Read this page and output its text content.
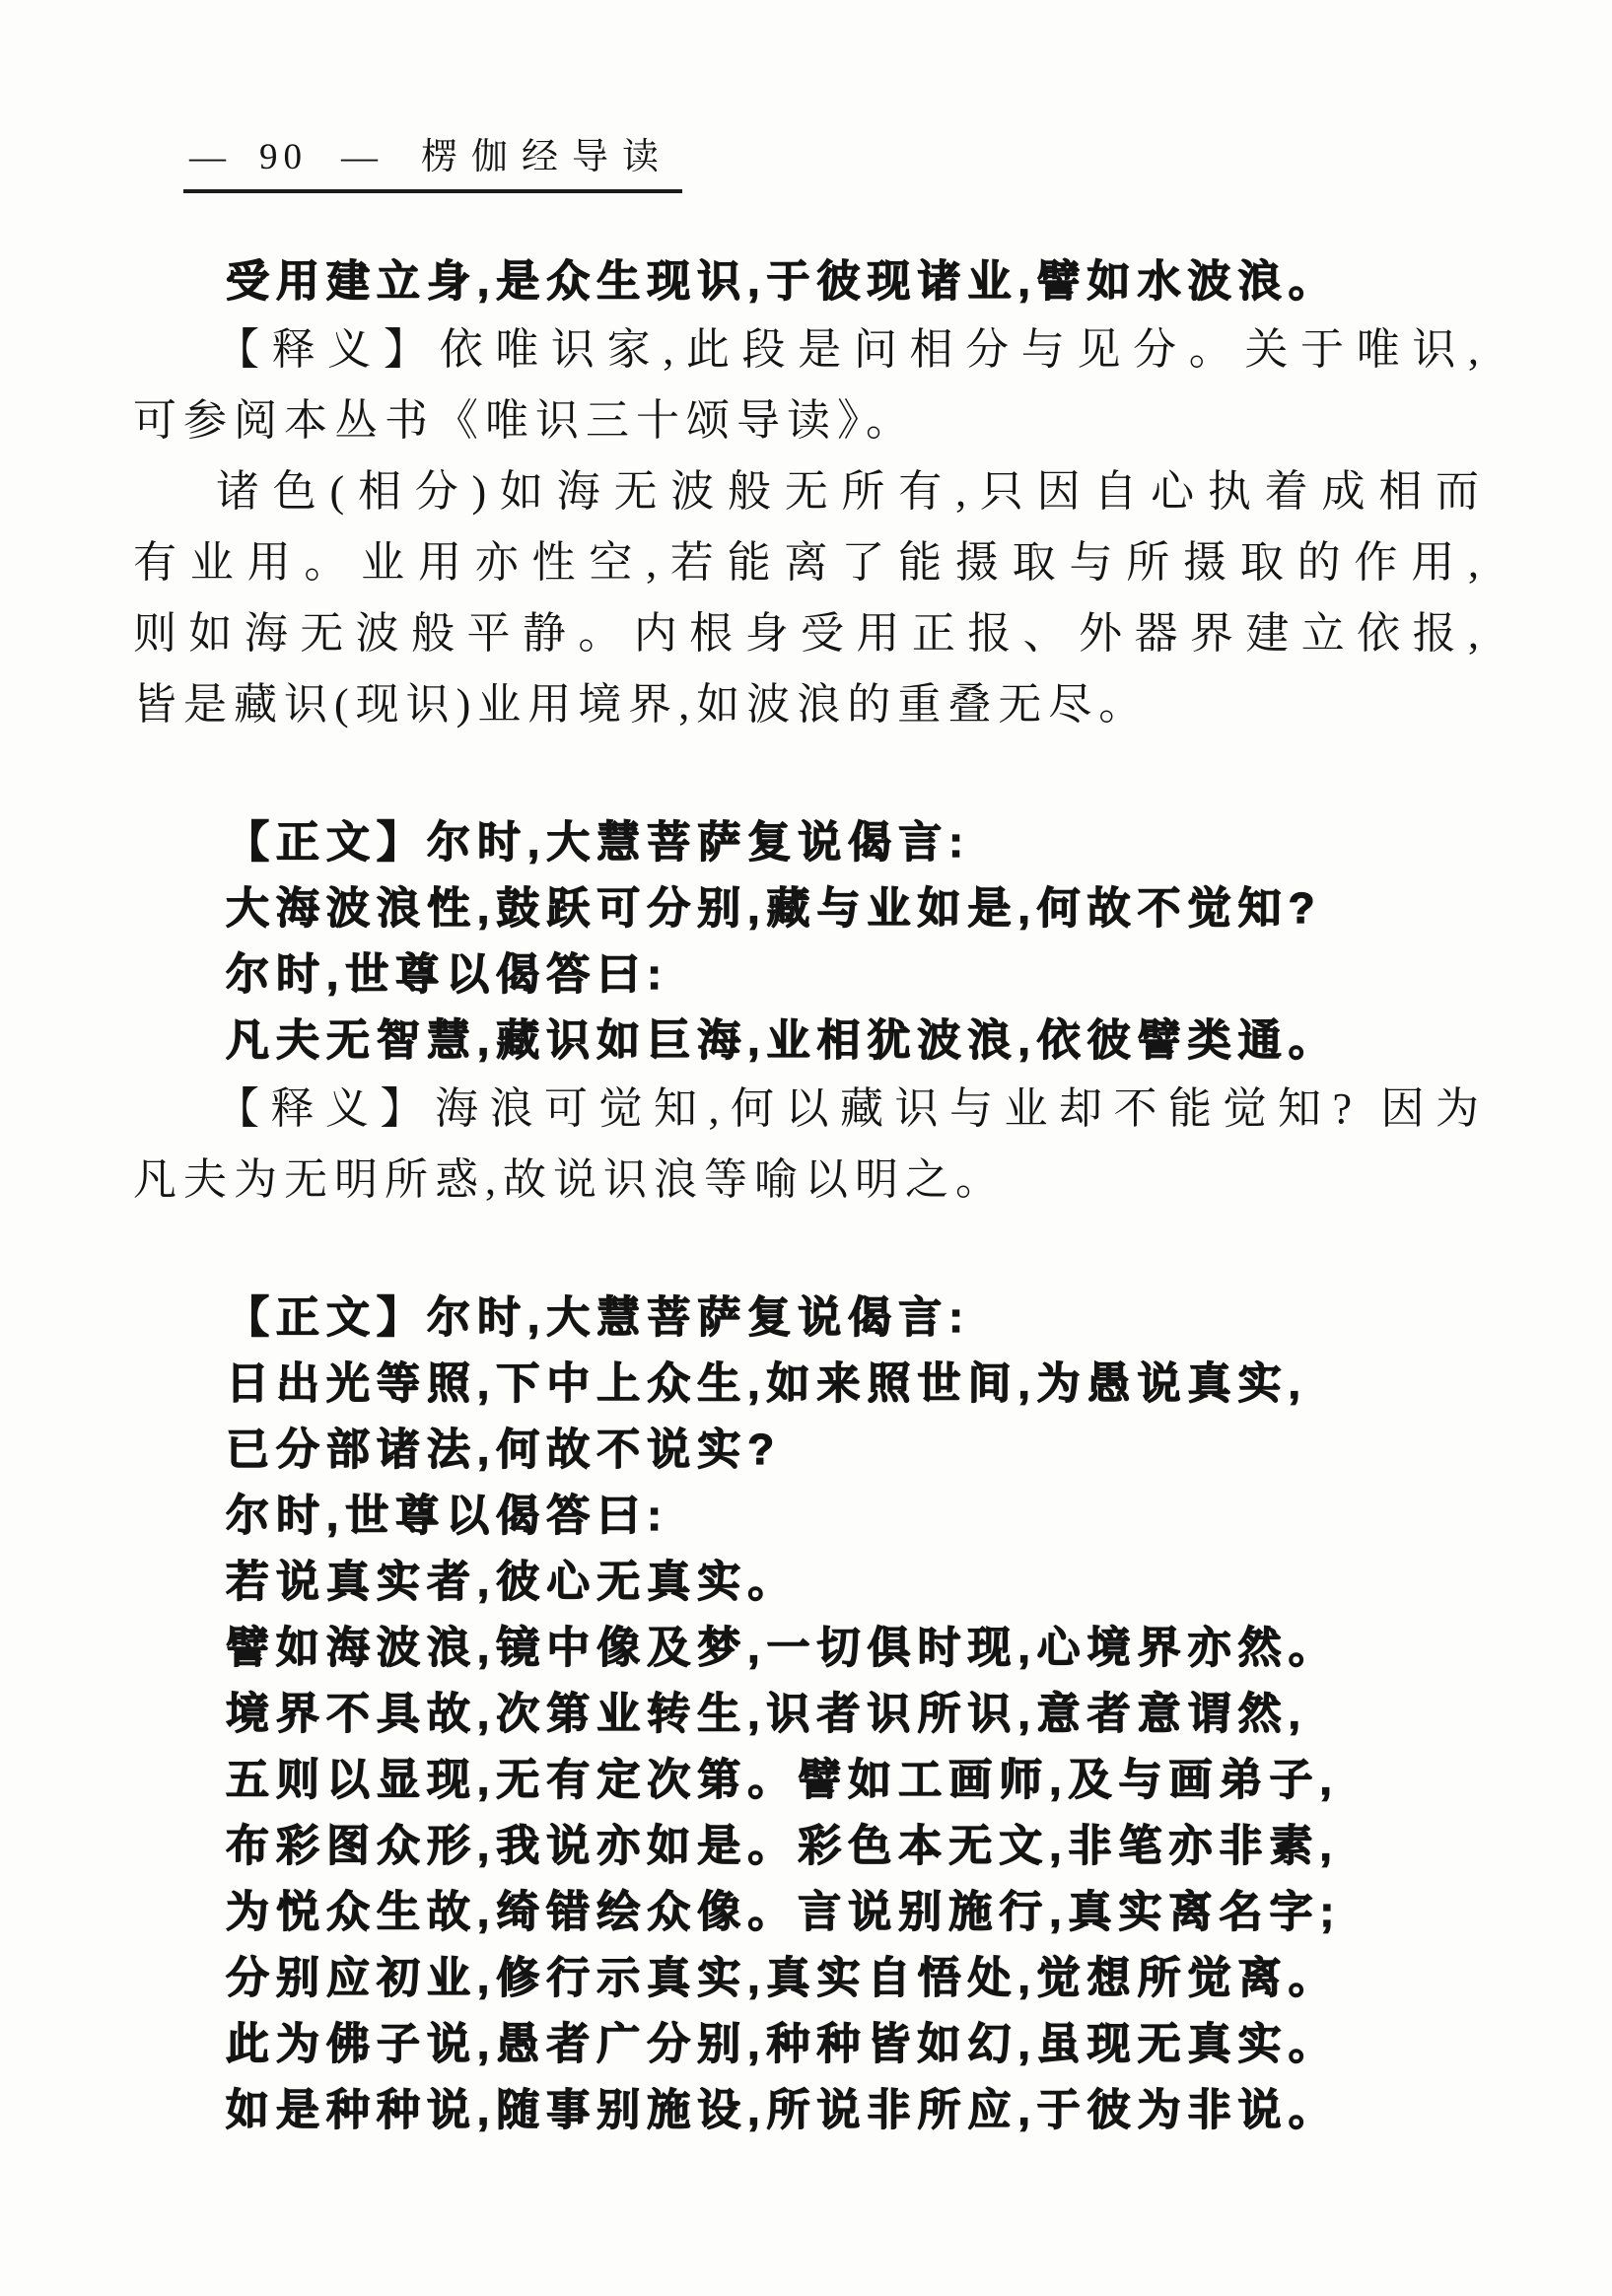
— 90 — 楞伽经导读
受用建立身,是众生现识,于彼现诸业,譬如水波浪。
【释义】依唯识家,此段是问相分与见分。关于唯识,
可参阅本丛书《唯识三十颂导读》。
诸色(相分)如海无波般无所有,只因自心执着成相而
有业用。业用亦性空,若能离了能摄取与所摄取的作用,
则如海无波般平静。内根身受用正报、外器界建立依报,
皆是藏识(现识)业用境界,如波浪的重叠无尽。
【正文】尔时,大慧菩萨复说偈言:
大海波浪性,鼓跃可分别,藏与业如是,何故不觉知?
尔时,世尊以偈答曰:
凡夫无智慧,藏识如巨海,业相犹波浪,依彼譬类通。
【释义】海浪可觉知,何以藏识与业却不能觉知? 因为
凡夫为无明所惑,故说识浪等喻以明之。
【正文】尔时,大慧菩萨复说偈言:
日出光等照,下中上众生,如来照世间,为愚说真实,
已分部诸法,何故不说实?
尔时,世尊以偈答曰:
若说真实者,彼心无真实。
譬如海波浪,镜中像及梦,一切俱时现,心境界亦然。
境界不具故,次第业转生,识者识所识,意者意谓然,
五则以显现,无有定次第。譬如工画师,及与画弟子,
布彩图众形,我说亦如是。彩色本无文,非笔亦非素,
为悦众生故,绮错绘众像。言说别施行,真实离名字;
分别应初业,修行示真实,真实自悟处,觉想所觉离。
此为佛子说,愚者广分别,种种皆如幻,虽现无真实。
如是种种说,随事别施设,所说非所应,于彼为非说。
